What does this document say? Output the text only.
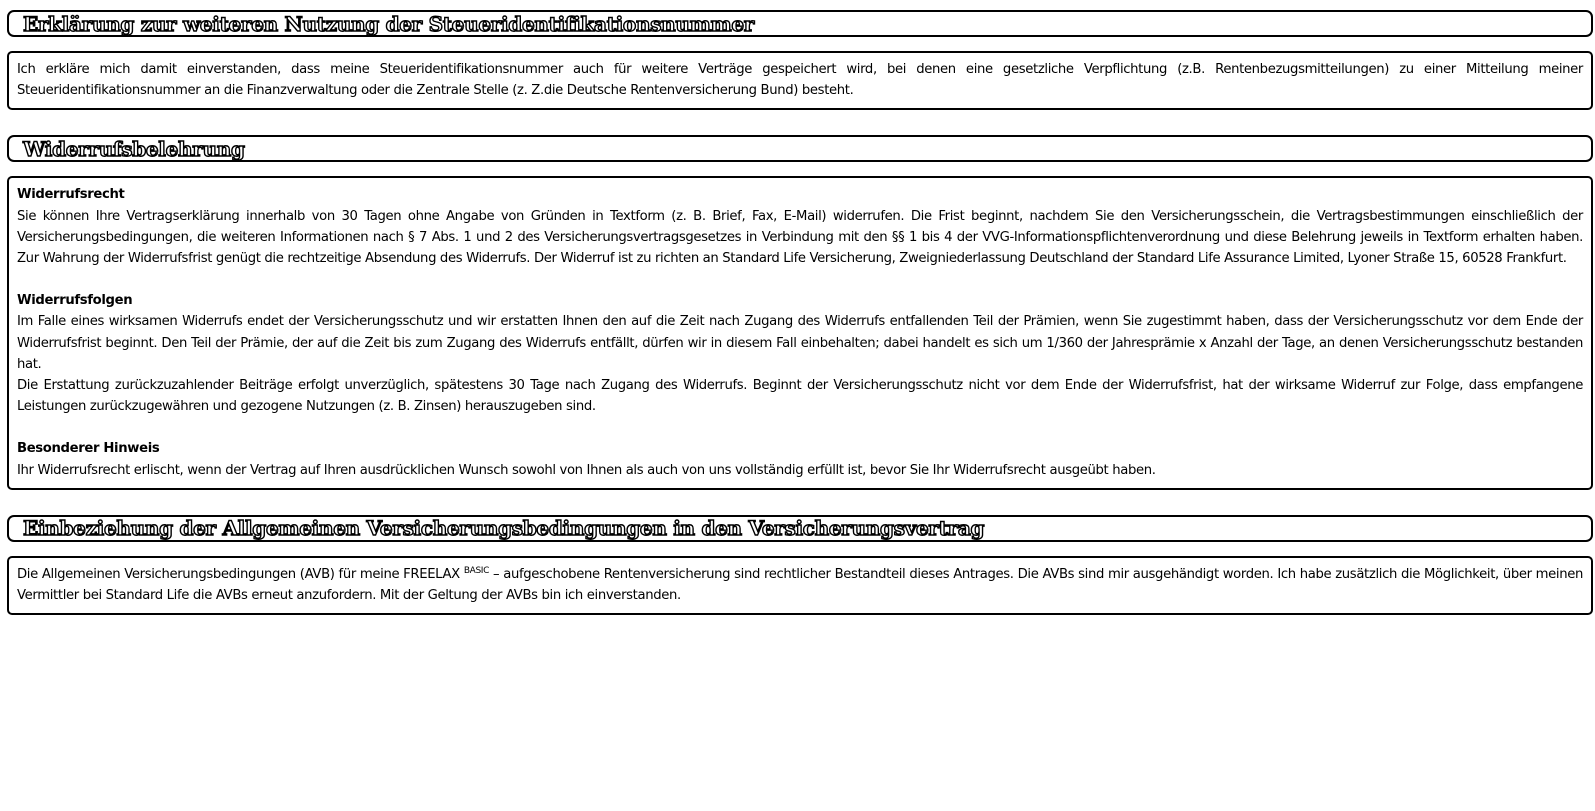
Erklärung zur weiteren Nutzung der Steueridentifikationsnummer

Ich erkläre mich damit einverstanden, dass meine Steueridentifikationsnummer auch für weitere Verträge gespeichert wird, bei denen eine gesetzliche Verpflichtung (z.B. Rentenbezugsmitteilungen) zu einer Mitteilung meiner Steueridentifikationsnummer an die Finanzverwaltung oder die Zentrale Stelle (z. Z.die Deutsche Rentenversicherung Bund) besteht.

Widerrufsbelehrung

Widerrufsrecht

Sie können Ihre Vertragserklärung innerhalb von 30 Tagen ohne Angabe von Gründen in Textform (z. B. Brief, Fax, E-Mail) widerrufen. Die Frist beginnt, nachdem Sie den Versicherungsschein, die Vertragsbestimmungen einschließlich der Versicherungsbedingungen, die weiteren Informationen nach § 7 Abs. 1 und 2 des Versicherungsvertragsgesetzes in Verbindung mit den §§ 1 bis 4 der VVG-Informationspflichtenverordnung und diese Belehrung jeweils in Textform erhalten haben. Zur Wahrung der Widerrufsfrist genügt die rechtzeitige Absendung des Widerrufs. Der Widerruf ist zu richten an Standard Life Versicherung, Zweigniederlassung Deutschland der Standard Life Assurance Limited, Lyoner Straße 15, 60528 Frankfurt.

Widerrufsfolgen

Im Falle eines wirksamen Widerrufs endet der Versicherungsschutz und wir erstatten Ihnen den auf die Zeit nach Zugang des Widerrufs entfallenden Teil der Prämien, wenn Sie zugestimmt haben, dass der Versicherungsschutz vor dem Ende der Widerrufsfrist beginnt. Den Teil der Prämie, der auf die Zeit bis zum Zugang des Widerrufs entfällt, dürfen wir in diesem Fall einbehalten; dabei handelt es sich um 1/360 der Jahresprämie x Anzahl der Tage, an denen Versicherungsschutz bestanden hat.

Die Erstattung zurückzuzahlender Beiträge erfolgt unverzüglich, spätestens 30 Tage nach Zugang des Widerrufs. Beginnt der Versicherungsschutz nicht vor dem Ende der Widerrufsfrist, hat der wirksame Widerruf zur Folge, dass empfangene Leistungen zurückzugewähren und gezogene Nutzungen (z. B. Zinsen) herauszugeben sind.

Besonderer Hinweis

Ihr Widerrufsrecht erlischt, wenn der Vertrag auf Ihren ausdrücklichen Wunsch sowohl von Ihnen als auch von uns vollständig erfüllt ist, bevor Sie Ihr Widerrufsrecht ausgeübt haben.

Einbeziehung der Allgemeinen Versicherungsbedingungen in den Versicherungsvertrag

Die Allgemeinen Versicherungsbedingungen (AVB) für meine FREELAX $^{BASIC}$ – aufgeschobene Rentenversicherung sind rechtlicher Bestandteil dieses Antrages. Die AVBs sind mir ausgehändigt worden. Ich habe zusätzlich die Möglichkeit, über meinen Vermittler bei Standard Life die AVBs erneut anzufordern. Mit der Geltung der AVBs bin ich einverstanden.
